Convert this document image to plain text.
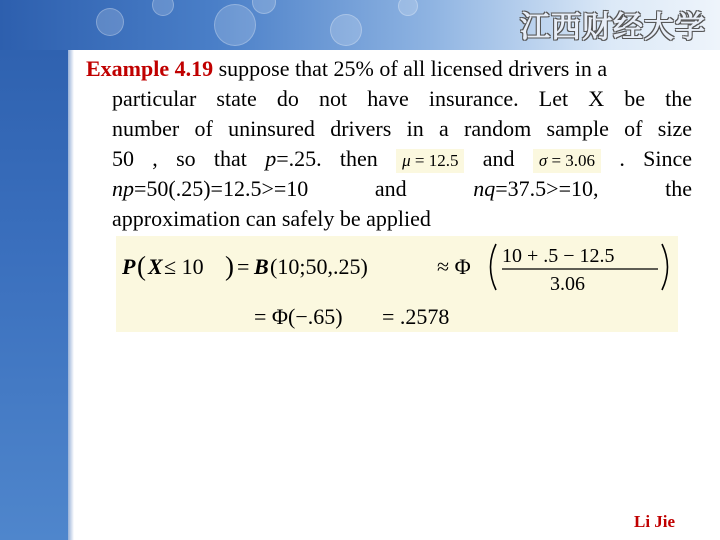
江西财经大学
Example 4.19 suppose that 25% of all licensed drivers in a
particular state do not have insurance. Let X be the
number of uninsured drivers in a random sample of size
50 , so that p=.25. then μ = 12.5 and σ = 3.06 . Since
np=50(.25)=12.5>=10	and	nq=37.5>=10,	the
approximation can safely be applied
P ( X ≤ 10 ) = B (10;50,.25)	≈ Φ 10 + .5 − 12.5
3.06
= Φ (−.65) = .2578
Li Jie
